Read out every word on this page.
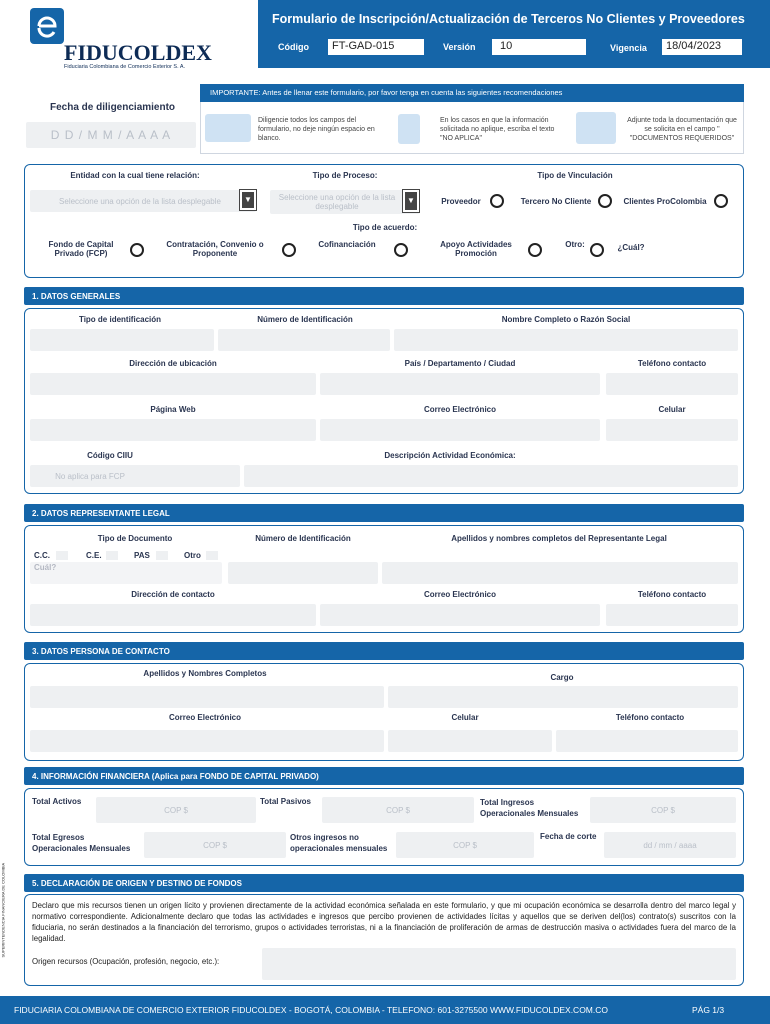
Formulario de Inscripción/Actualización de Terceros No Clientes y Proveedores
Código	FT-GAD-015	Versión	10	Vigencia	18/04/2023
FIDUCOLDEX
Fiduciaria Colombiana de Comercio Exterior S. A.
Fecha de diligenciamiento
D D / M M / A A A A
IMPORTANTE: Antes de llenar este formulario, por favor tenga en cuenta las siguientes recomendaciones
Diligencie todos los campos del formulario, no deje ningún espacio en blanco.
En los casos en que la información solicitada no aplique, escriba el texto "NO APLICA"
Adjunte toda la documentación que se solicita en el campo " "DOCUMENTOS REQUERIDOS"
Entidad con la cual tiene relación:
Seleccione una opción de la lista desplegable	▼
Tipo de Proceso:
Seleccione una opción de la lista desplegable
▼
Tipo de Vinculación
Proveedor	Tercero No Cliente	Clientes ProColombia
Tipo de acuerdo:
Fondo de Capital Privado (FCP)
Contratación, Convenio o Proponente
Cofinanciación	Apoyo Actividades Promoción
Otro:	¿Cuál?
1. DATOS GENERALES
Tipo de identificación	Número de Identificación	Nombre Completo o Razón Social
Dirección de ubicación	País / Departamento / Ciudad	Teléfono contacto
Página Web	Correo Electrónico	Celular
Código CIIU	Descripción Actividad Económica:
No aplica para FCP
2. DATOS REPRESENTANTE LEGAL
Tipo de Documento	Número de Identificación	Apellidos y nombres completos del Representante Legal
C.C.	C.E.	PAS	Otro
Dirección de contacto	Correo Electrónico	Teléfono contacto
3. DATOS PERSONA DE CONTACTO
Apellidos y Nombres Completos	Cargo
Correo Electrónico	Celular	Teléfono contacto
4. INFORMACIÓN FINANCIERA (Aplica para FONDO DE CAPITAL PRIVADO)
Total Activos
COP $
Total Pasivos
COP $
Total Ingresos Operacionales Mensuales	COP $
Total Egresos Operacionales Mensuales	COP $
Otros ingresos no operacionales mensuales	COP $
Fecha de corte
dd / mm / aaaa
5. DECLARACIÓN DE ORIGEN Y DESTINO DE FONDOS
Declaro que mis recursos tienen un origen lícito y provienen directamente de la actividad económica señalada en este formulario, y que mi ocupación económica se desarrolla dentro del marco legal y normativo correspondiente. Adicionalmente declaro que todas las actividades e ingresos que percibo provienen de actividades lícitas y aquellos que se deriven del(los) contrato(s) suscritos con la fiduciaria, no serán destinados a la financiación del terrorismo, grupos o actividades terroristas, ni a la financiación de proliferación de armas de destrucción masiva o actividades fuera del marco de la legalidad.
Origen recursos (Ocupación, profesión, negocio, etc.):
SUPERINTENDENCIA FINANCIERA DE COLOMBIA
FIDUCIARIA COLOMBIANA DE COMERCIO EXTERIOR FIDUCOLDEX - BOGOTÁ, COLOMBIA - TELEFONO: 601-3275500 WWW.FIDUCOLDEX.COM.CO	PÁG 1/3
